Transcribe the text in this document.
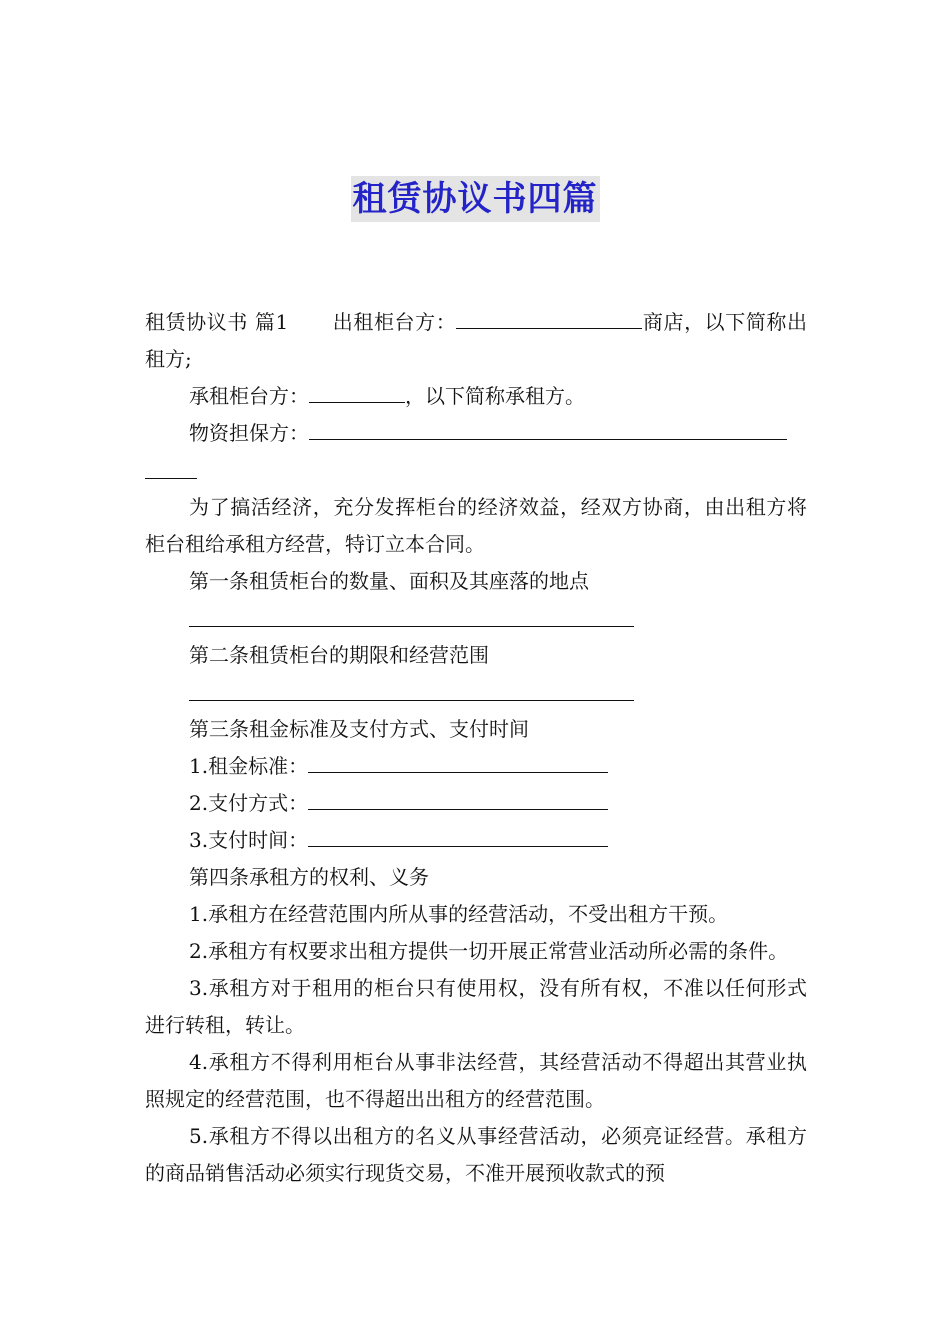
租赁协议书四篇

租赁协议书 篇1 出租柜台方：	商店，以下简称出租方;

承租柜台方：	，以下简称承租方。

物资担保方：

为了搞活经济，充分发挥柜台的经济效益，经双方协商，由出租方将柜台租给承租方经营，特订立本合同。

第一条租赁柜台的数量、面积及其座落的地点

第二条租赁柜台的期限和经营范围

第三条租金标准及支付方式、支付时间

1.租金标准：

2.支付方式：

3.支付时间：

第四条承租方的权利、义务

1.承租方在经营范围内所从事的经营活动，不受出租方干预。

2.承租方有权要求出租方提供一切开展正常营业活动所必需的条件。

3.承租方对于租用的柜台只有使用权，没有所有权，不准以任何形式进行转租，转让。

4.承租方不得利用柜台从事非法经营，其经营活动不得超出其营业执照规定的经营范围，也不得超出出租方的经营范围。

5.承租方不得以出租方的名义从事经营活动，必须亮证经营。承租方的商品销售活动必须实行现货交易，不准开展预收款式的预
